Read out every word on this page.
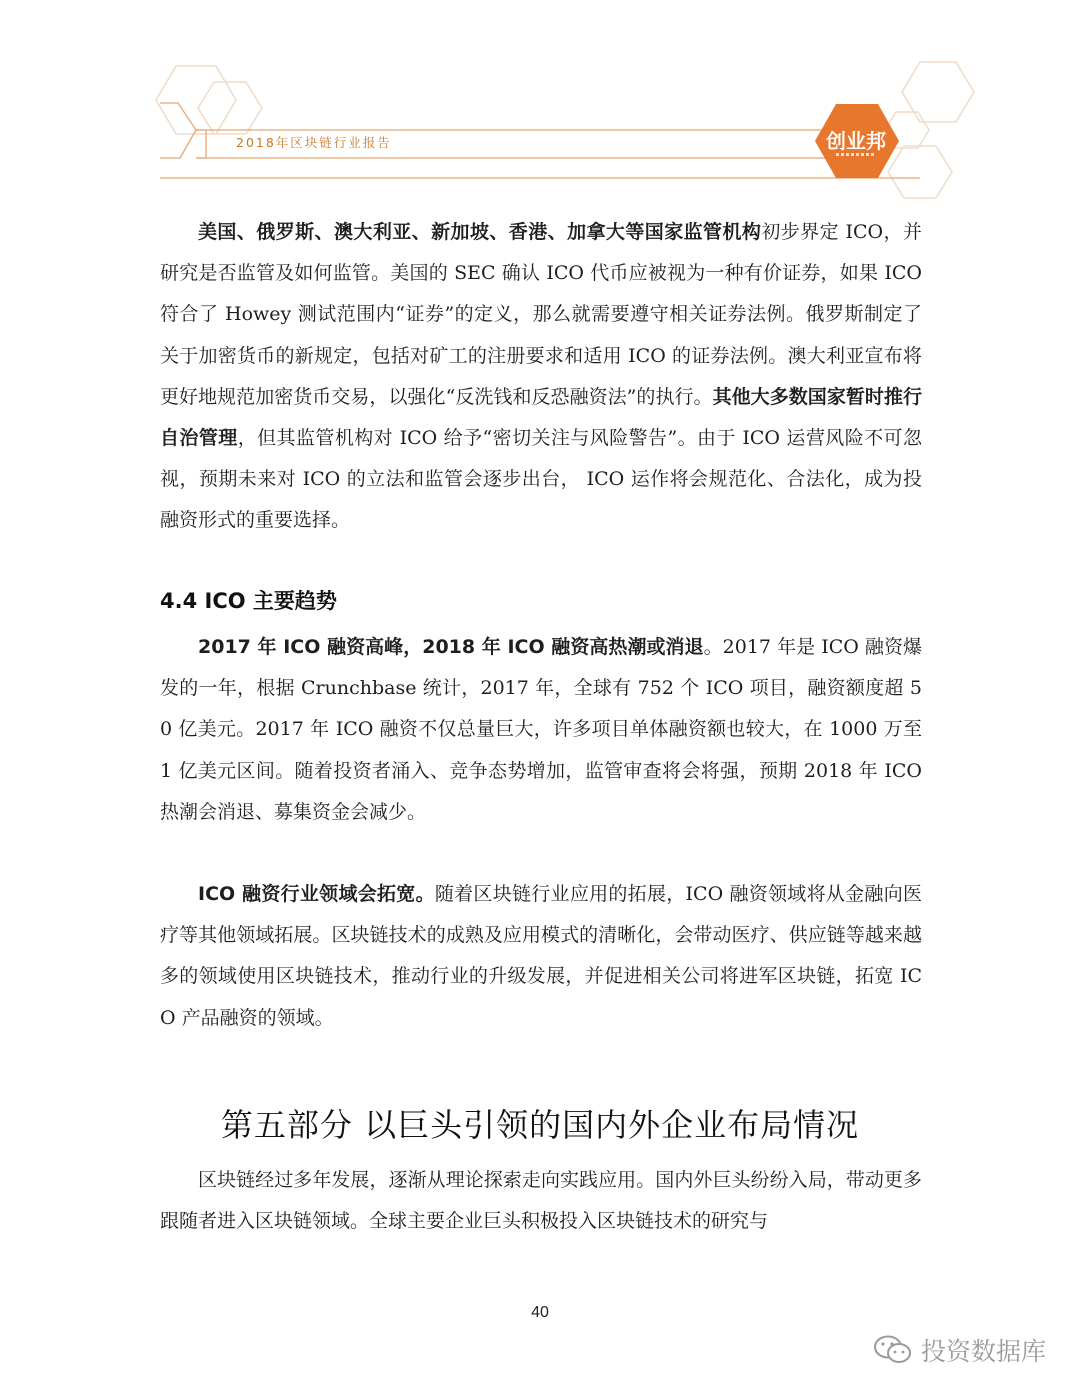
2018年区块链行业报告	创业邦

美国、俄罗斯、澳大利亚、新加坡、香港、加拿大等国家监管机构初步界定 ICO，并研究是否监管及如何监管。美国的 SEC 确认 ICO 代币应被视为一种有价证券，如果 ICO 符合了 Howey 测试范围内“证券”的定义，那么就需要遵守相关证券法例。俄罗斯制定了关于加密货币的新规定，包括对矿工的注册要求和适用 ICO 的证券法例。澳大利亚宣布将更好地规范加密货币交易，以强化“反洗钱和反恐融资法”的执行。其他大多数国家暂时推行自治管理，但其监管机构对 ICO 给予“密切关注与风险警告”。由于 ICO 运营风险不可忽视，预期未来对 ICO 的立法和监管会逐步出台， ICO 运作将会规范化、合法化，成为投融资形式的重要选择。

4.4 ICO 主要趋势

2017 年 ICO 融资高峰，2018 年 ICO 融资高热潮或消退。2017 年是 ICO 融资爆发的一年，根据 Crunchbase 统计，2017 年，全球有 752 个 ICO 项目，融资额度超 50 亿美元。2017 年 ICO 融资不仅总量巨大，许多项目单体融资额也较大，在 1000 万至 1 亿美元区间。随着投资者涌入、竞争态势增加，监管审查将会将强，预期 2018 年 ICO 热潮会消退、募集资金会减少。

ICO 融资行业领域会拓宽。随着区块链行业应用的拓展，ICO 融资领域将从金融向医疗等其他领域拓展。区块链技术的成熟及应用模式的清晰化，会带动医疗、供应链等越来越多的领域使用区块链技术，推动行业的升级发展，并促进相关公司将进军区块链，拓宽 ICO 产品融资的领域。

第五部分 以巨头引领的国内外企业布局情况

区块链经过多年发展，逐渐从理论探索走向实践应用。国内外巨头纷纷入局，带动更多跟随者进入区块链领域。全球主要企业巨头积极投入区块链技术的研究与

40
投资数据库
